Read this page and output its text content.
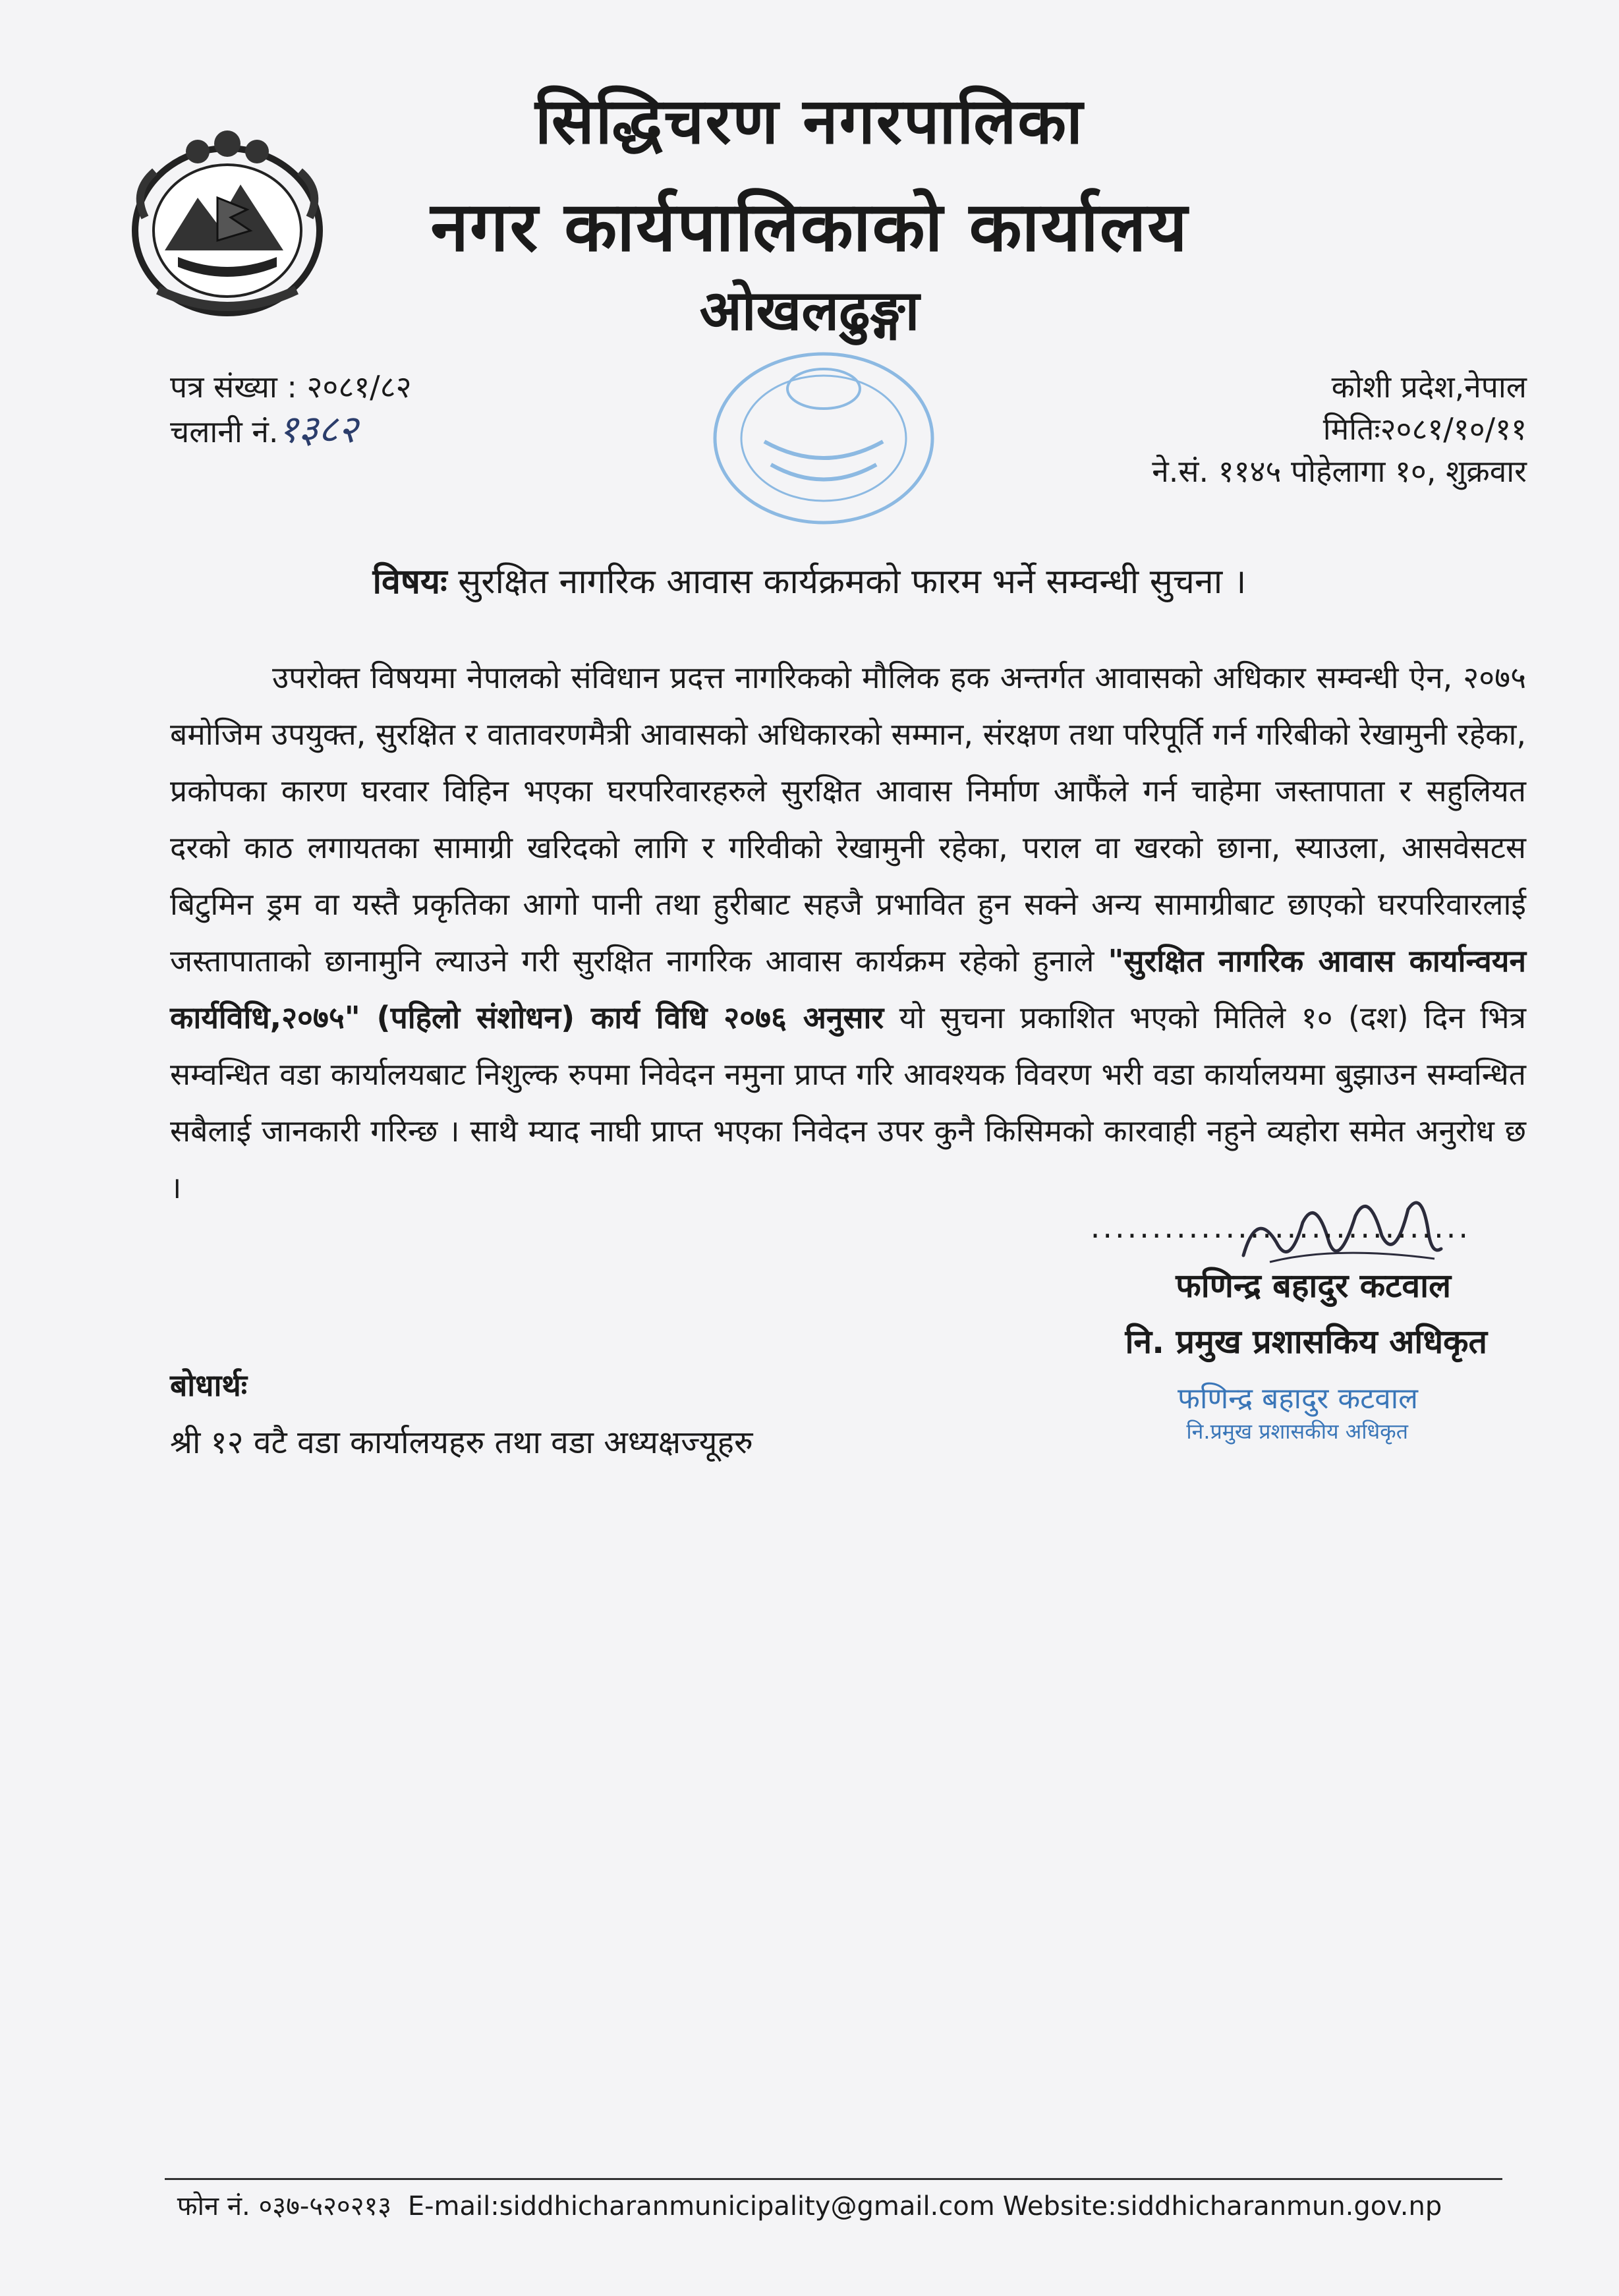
सिद्धिचरण नगरपालिका
नगर कार्यपालिकाको कार्यालय
ओखलढुङ्गा
पत्र संख्या : २०८१/८२
चलानी नं.१३८२
कोशी प्रदेश,नेपाल
मितिः२०८१/१०/११
ने.सं. ११४५ पोहेलागा १०, शुक्रवार
विषयः सुरक्षित नागरिक आवास कार्यक्रमको फारम भर्ने सम्वन्धी सुचना ।
उपरोक्त विषयमा नेपालको संविधान प्रदत्त नागरिकको मौलिक हक अन्तर्गत आवासको अधिकार सम्वन्धी ऐन, २०७५ बमोजिम उपयुक्त, सुरक्षित र वातावरणमैत्री आवासको अधिकारको सम्मान, संरक्षण तथा परिपूर्ति गर्न गरिबीको रेखामुनी रहेका, प्रकोपका कारण घरवार विहिन भएका घरपरिवारहरुले सुरक्षित आवास निर्माण आफैंले गर्न चाहेमा जस्तापाता र सहुलियत दरको काठ लगायतका सामाग्री खरिदको लागि र गरिवीको रेखामुनी रहेका, पराल वा खरको छाना, स्याउला, आसवेसटस बिटुमिन ड्रम वा यस्तै प्रकृतिका आगो पानी तथा हुरीबाट सहजै प्रभावित हुन सक्ने अन्य सामाग्रीबाट छाएको घरपरिवारलाई जस्तापाताको छानामुनि ल्याउने गरी सुरक्षित नागरिक आवास कार्यक्रम रहेको हुनाले "सुरक्षित नागरिक आवास कार्यान्वयन कार्यविधि,२०७५" (पहिलो संशोधन) कार्य विधि २०७६ अनुसार यो सुचना प्रकाशित भएको मितिले १० (दश) दिन भित्र सम्वन्धित वडा कार्यालयबाट निशुल्क रुपमा निवेदन नमुना प्राप्त गरि आवश्यक विवरण भरी वडा कार्यालयमा बुझाउन सम्वन्धित सबैलाई जानकारी गरिन्छ । साथै म्याद नाघी प्राप्त भएका निवेदन उपर कुनै किसिमको कारवाही नहुने व्यहोरा समेत अनुरोध छ ।
...............................
फणिन्द्र बहादुर कटवाल
नि. प्रमुख प्रशासकिय अधिकृत
फणिन्द्र बहादुर कटवाल
नि.प्रमुख प्रशासकीय अधिकृत
बोधार्थः
श्री १२ वटै वडा कार्यालयहरु तथा वडा अध्यक्षज्यूहरु
फोन नं. ०३७-५२०२१३ E-mail:siddhicharanmunicipality@gmail.com Website:siddhicharanmun.gov.np
